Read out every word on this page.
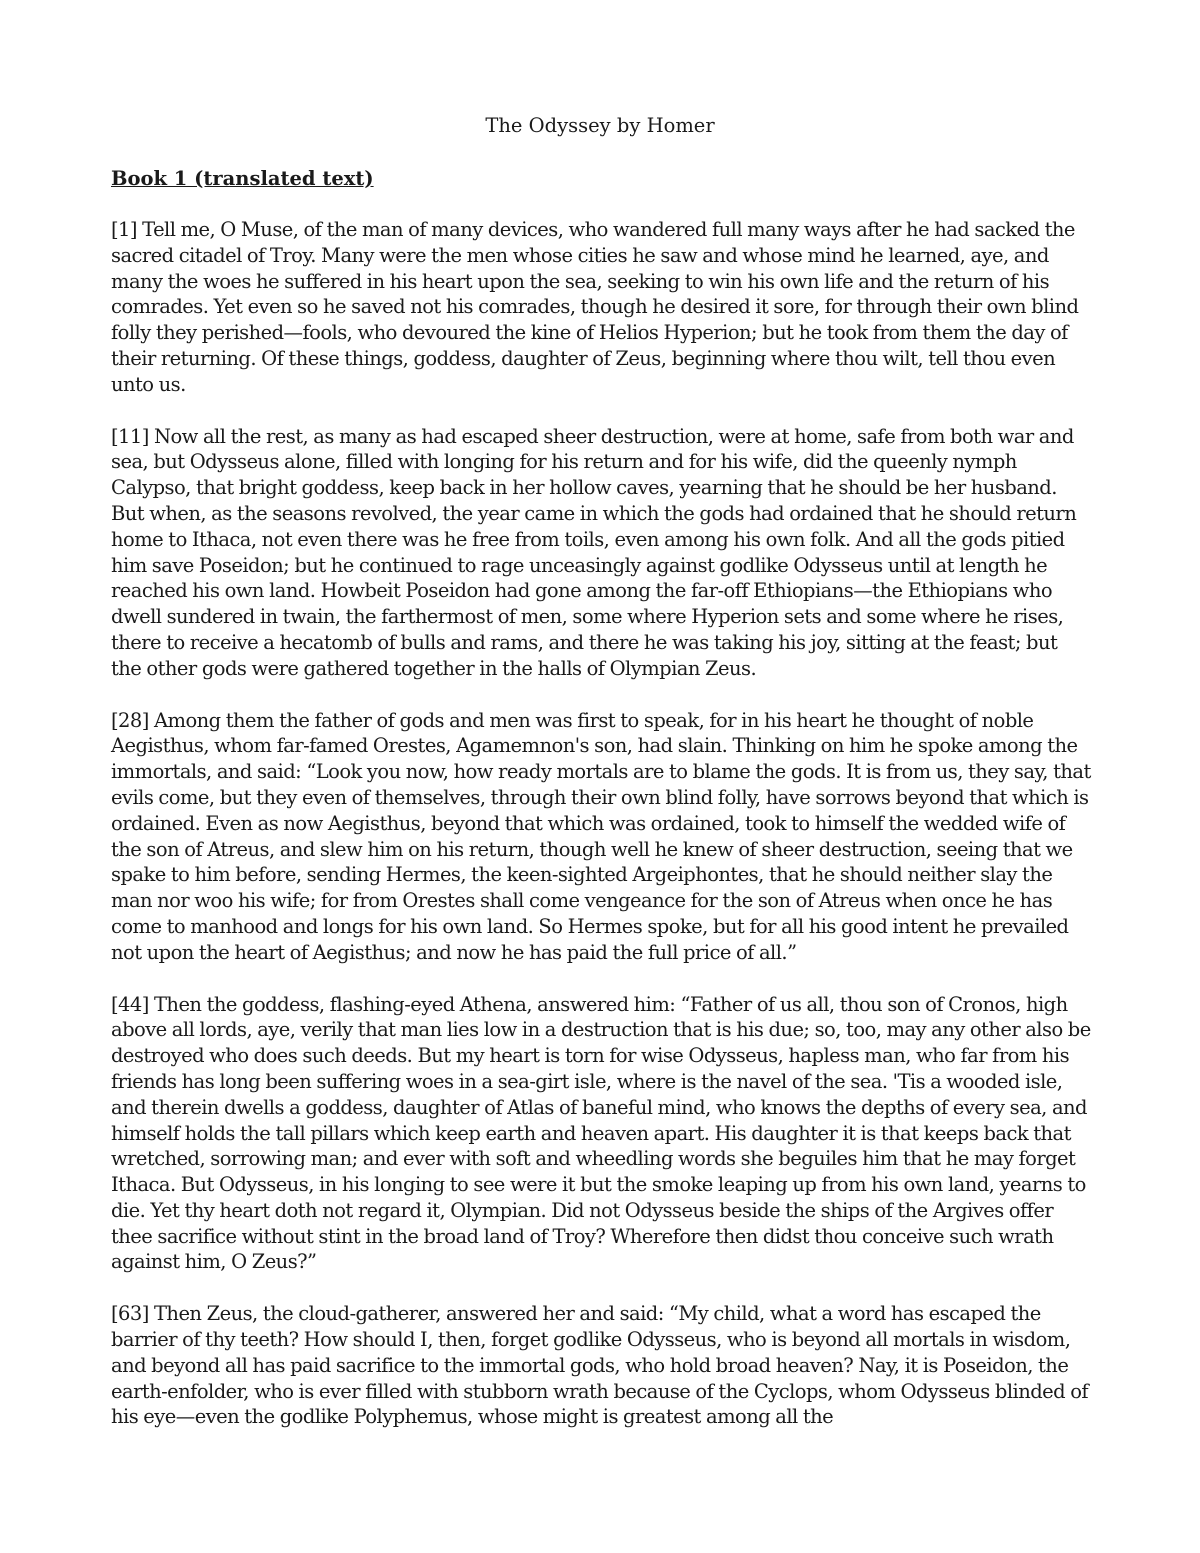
The Odyssey by Homer
Book 1 (translated text)

[1] Tell me, O Muse, of the man of many devices, who wandered full many ways after he had sacked the sacred citadel of Troy. Many were the men whose cities he saw and whose mind he learned, aye, and many the woes he suffered in his heart upon the sea, seeking to win his own life and the return of his comrades. Yet even so he saved not his comrades, though he desired it sore, for through their own blind folly they perished—fools, who devoured the kine of Helios Hyperion; but he took from them the day of their returning. Of these things, goddess, daughter of Zeus, beginning where thou wilt, tell thou even unto us.

[11] Now all the rest, as many as had escaped sheer destruction, were at home, safe from both war and sea, but Odysseus alone, filled with longing for his return and for his wife, did the queenly nymph Calypso, that bright goddess, keep back in her hollow caves, yearning that he should be her husband. But when, as the seasons revolved, the year came in which the gods had ordained that he should return home to Ithaca, not even there was he free from toils, even among his own folk. And all the gods pitied him save Poseidon; but he continued to rage unceasingly against godlike Odysseus until at length he reached his own land. Howbeit Poseidon had gone among the far-off Ethiopians—the Ethiopians who dwell sundered in twain, the farthermost of men, some where Hyperion sets and some where he rises, there to receive a hecatomb of bulls and rams, and there he was taking his joy, sitting at the feast; but the other gods were gathered together in the halls of Olympian Zeus.

[28] Among them the father of gods and men was first to speak, for in his heart he thought of noble Aegisthus, whom far-famed Orestes, Agamemnon's son, had slain. Thinking on him he spoke among the immortals, and said: “Look you now, how ready mortals are to blame the gods. It is from us, they say, that evils come, but they even of themselves, through their own blind folly, have sorrows beyond that which is ordained. Even as now Aegisthus, beyond that which was ordained, took to himself the wedded wife of the son of Atreus, and slew him on his return, though well he knew of sheer destruction, seeing that we spake to him before, sending Hermes, the keen-sighted Argeiphontes, that he should neither slay the man nor woo his wife; for from Orestes shall come vengeance for the son of Atreus when once he has come to manhood and longs for his own land. So Hermes spoke, but for all his good intent he prevailed not upon the heart of Aegisthus; and now he has paid the full price of all.”

[44] Then the goddess, flashing-eyed Athena, answered him: “Father of us all, thou son of Cronos, high above all lords, aye, verily that man lies low in a destruction that is his due; so, too, may any other also be destroyed who does such deeds. But my heart is torn for wise Odysseus, hapless man, who far from his friends has long been suffering woes in a sea-girt isle, where is the navel of the sea. 'Tis a wooded isle, and therein dwells a goddess, daughter of Atlas of baneful mind, who knows the depths of every sea, and himself holds the tall pillars which keep earth and heaven apart. His daughter it is that keeps back that wretched, sorrowing man; and ever with soft and wheedling words she beguiles him that he may forget Ithaca. But Odysseus, in his longing to see were it but the smoke leaping up from his own land, yearns to die. Yet thy heart doth not regard it, Olympian. Did not Odysseus beside the ships of the Argives offer thee sacrifice without stint in the broad land of Troy? Wherefore then didst thou conceive such wrath against him, O Zeus?”

[63] Then Zeus, the cloud-gatherer, answered her and said: “My child, what a word has escaped the barrier of thy teeth? How should I, then, forget godlike Odysseus, who is beyond all mortals in wisdom, and beyond all has paid sacrifice to the immortal gods, who hold broad heaven? Nay, it is Poseidon, the earth-enfolder, who is ever filled with stubborn wrath because of the Cyclops, whom Odysseus blinded of his eye—even the godlike Polyphemus, whose might is greatest among all the
